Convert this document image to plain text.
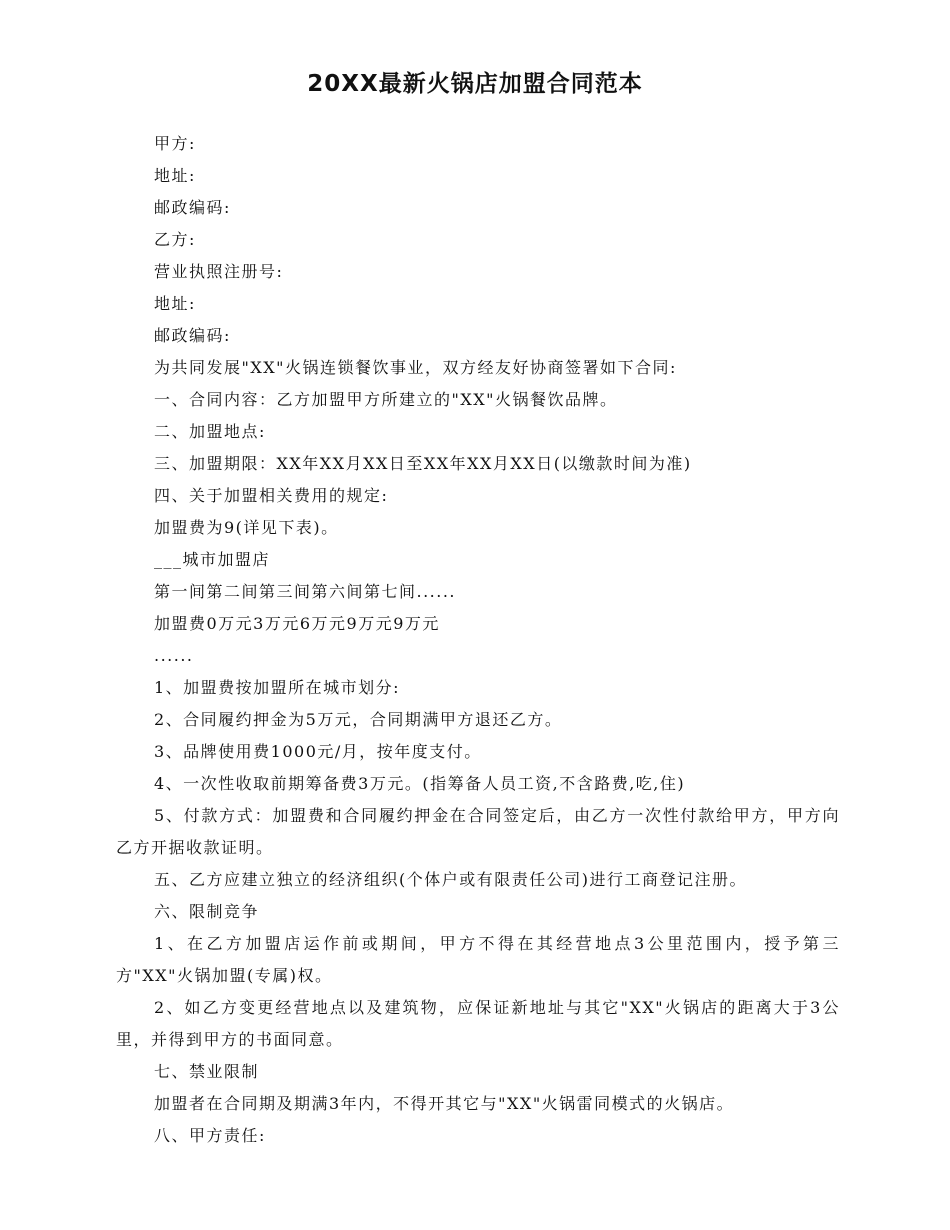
20XX最新火锅店加盟合同范本
甲方:
地址:
邮政编码:
乙方:
营业执照注册号:
地址:
邮政编码:
为共同发展"XX"火锅连锁餐饮事业，双方经友好协商签署如下合同:
一、合同内容：乙方加盟甲方所建立的"XX"火锅餐饮品牌。
二、加盟地点:
三、加盟期限：XX年XX月XX日至XX年XX月XX日(以缴款时间为准)
四、关于加盟相关费用的规定:
加盟费为9(详见下表)。
___城市加盟店
第一间第二间第三间第六间第七间......
加盟费0万元3万元6万元9万元9万元
......
1、加盟费按加盟所在城市划分:
2、合同履约押金为5万元，合同期满甲方退还乙方。
3、品牌使用费1000元/月，按年度支付。
4、一次性收取前期筹备费3万元。(指筹备人员工资,不含路费,吃,住)
5、付款方式：加盟费和合同履约押金在合同签定后，由乙方一次性付款给甲方，甲方向乙方开据收款证明。
五、乙方应建立独立的经济组织(个体户或有限责任公司)进行工商登记注册。
六、限制竞争
1、在乙方加盟店运作前或期间，甲方不得在其经营地点3公里范围内，授予第三方"XX"火锅加盟(专属)权。
2、如乙方变更经营地点以及建筑物，应保证新地址与其它"XX"火锅店的距离大于3公里，并得到甲方的书面同意。
七、禁业限制
加盟者在合同期及期满3年内，不得开其它与"XX"火锅雷同模式的火锅店。
八、甲方责任:
